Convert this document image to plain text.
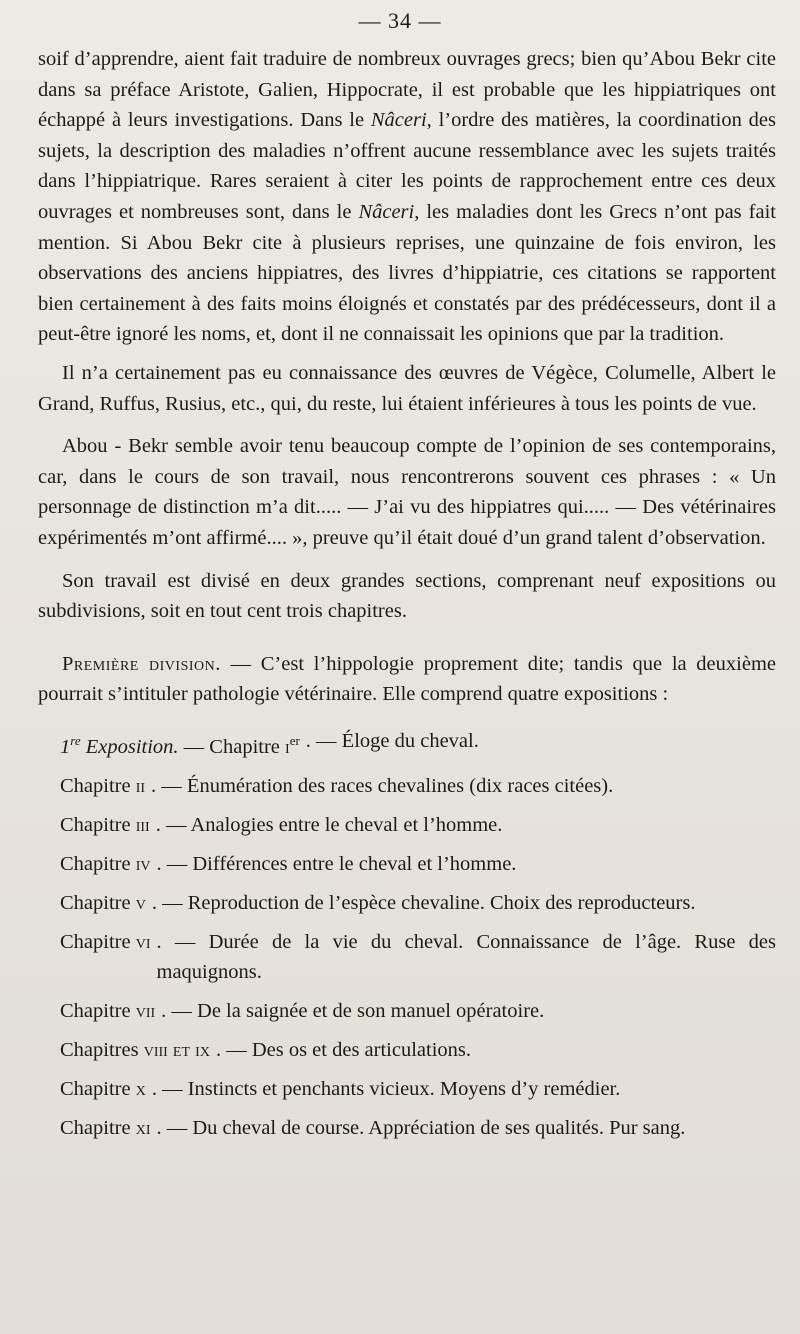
— 34 —

soif d’apprendre, aient fait traduire de nombreux ouvrages grecs; bien qu’Abou Bekr cite dans sa préface Aristote, Galien, Hippocrate, il est probable que les hippiatriques ont échappé à leurs investigations. Dans le Nâceri, l’ordre des matières, la coordination des sujets, la description des maladies n’offrent aucune ressemblance avec les sujets traités dans l’hippiatrique. Rares seraient à citer les points de rapprochement entre ces deux ouvrages et nombreuses sont, dans le Nâceri, les maladies dont les Grecs n’ont pas fait mention. Si Abou Bekr cite à plusieurs reprises, une quinzaine de fois environ, les observations des anciens hippiatres, des livres d’hippiatrie, ces citations se rapportent bien certainement à des faits moins éloignés et constatés par des prédécesseurs, dont il a peut-être ignoré les noms, et, dont il ne connaissait les opinions que par la tradition.

Il n’a certainement pas eu connaissance des œuvres de Végèce, Columelle, Albert le Grand, Ruffus, Rusius, etc., qui, du reste, lui étaient inférieures à tous les points de vue.

Abou - Bekr semble avoir tenu beaucoup compte de l’opinion de ses contemporains, car, dans le cours de son travail, nous rencontrerons souvent ces phrases : « Un personnage de distinction m’a dit..... — J’ai vu des hippiatres qui..... — Des vétérinaires expérimentés m’ont affirmé.... », preuve qu’il était doué d’un grand talent d’observation.

Son travail est divisé en deux grandes sections, comprenant neuf expositions ou subdivisions, soit en tout cent trois chapitres.

Première division. — C’est l’hippologie proprement dite; tandis que la deuxième pourrait s’intituler pathologie vétérinaire. Elle comprend quatre expositions :

1re Exposition. — Chapitre $i^{er}$ . — Éloge du cheval.
Chapitre ii . — Énumération des races chevalines (dix races citées).
Chapitre iii . — Analogies entre le cheval et l’homme.
Chapitre iv . — Différences entre le cheval et l’homme.
Chapitre v . — Reproduction de l’espèce chevaline. Choix des reproducteurs.
Chapitre vi . — Durée de la vie du cheval. Connaissance de l’âge. Ruse des maquignons.
Chapitre vii . — De la saignée et de son manuel opératoire.
Chapitres viii et ix . — Des os et des articulations.
Chapitre x . — Instincts et penchants vicieux. Moyens d’y remédier.
Chapitre xi . — Du cheval de course. Appréciation de ses qualités. Pur sang.
